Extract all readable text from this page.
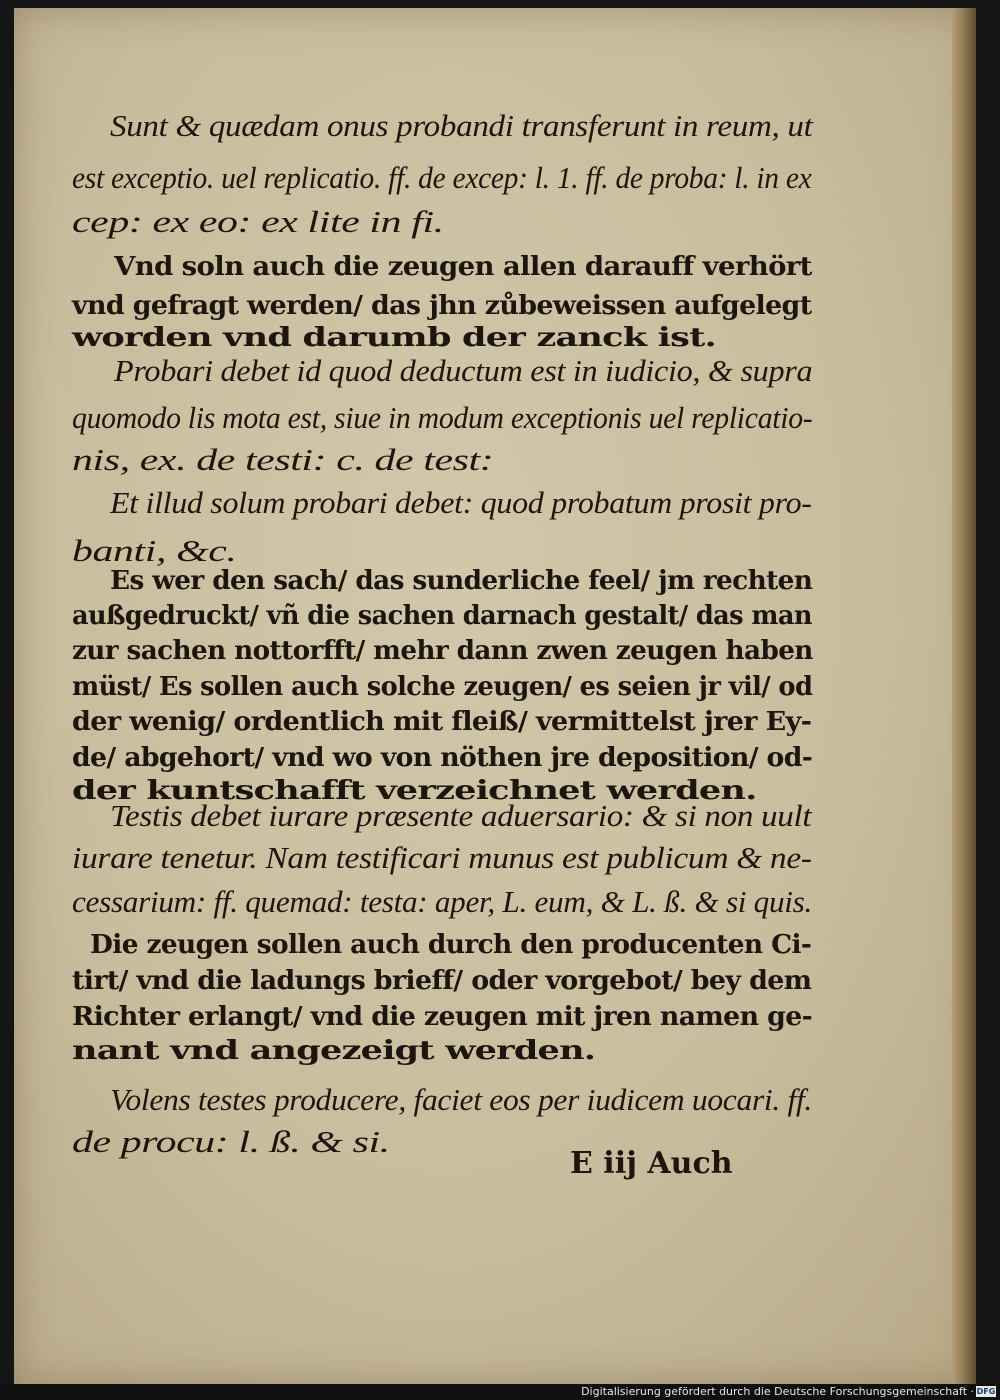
Sunt & quædam onus probandi transferunt in reum, ut
est exceptio. uel replicatio. ff. de excep: l. 1. ff. de proba: l. in ex
cep: ex eo: ex lite in fi.
Vnd soln auch die zeugen allen darauff verhört
vnd gefragt werden/ das jhn zůbeweissen aufgelegt
worden vnd darumb der zanck ist.
Probari debet id quod deductum est in iudicio, & supra
quomodo lis mota est, siue in modum exceptionis uel replicatio-
nis, ex. de testi: c. de test:
Et illud solum probari debet: quod probatum prosit pro-
banti, &c.
Es wer den sach/ das sunderliche feel/ jm rechten
außgedruckt/ vñ die sachen darnach gestalt/ das man
zur sachen nottorfft/ mehr dann zwen zeugen haben
müst/ Es sollen auch solche zeugen/ es seien jr vil/ od
der wenig/ ordentlich mit fleiß/ vermittelst jrer Ey-
de/ abgehort/ vnd wo von nöthen jre deposition/ od-
der kuntschafft verzeichnet werden.
Testis debet iurare præsente aduersario: & si non uult
iurare tenetur. Nam testificari munus est publicum & ne-
cessarium: ff. quemad: testa: aper, L. eum, & L. ß. & si quis.
Die zeugen sollen auch durch den producenten Ci-
tirt/ vnd die ladungs brieff/ oder vorgebot/ bey dem
Richter erlangt/ vnd die zeugen mit jren namen ge-
nant vnd angezeigt werden.
Volens testes producere, faciet eos per iudicem uocari. ff.
de procu: l. ß. & si.
E iij Auch
Digitalisierung gefördert durch die Deutsche Forschungsgemeinschaft · DFG
